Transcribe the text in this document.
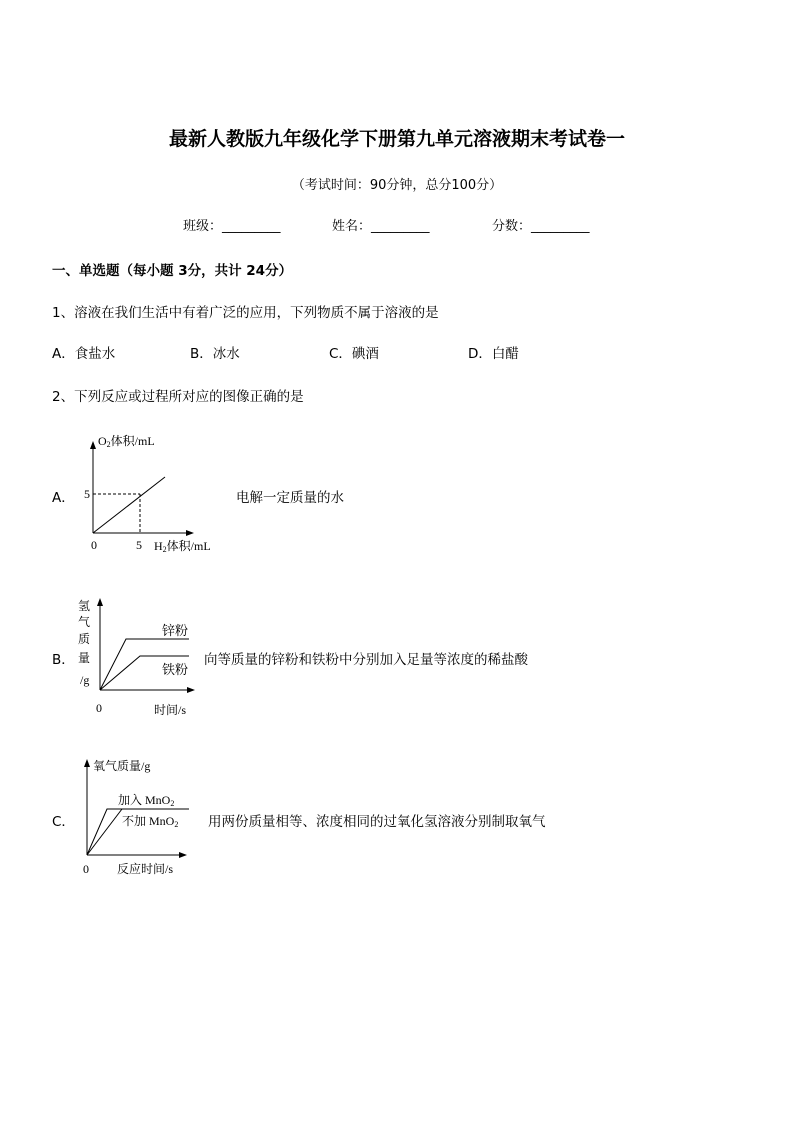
最新人教版九年级化学下册第九单元溶液期末考试卷一
（考试时间：90分钟，总分100分）
班级：_________	姓名：_________	分数：_________
一、单选题（每小题 3分，共计 24分）
1、溶液在我们生活中有着广泛的应用，下列物质不属于溶液的是
A．食盐水	B．冰水	C．碘酒	D．白醋
2、下列反应或过程所对应的图像正确的是
A．	电解一定质量的水
O2体积/mL
5
0	5 H2体积/mL
B．	向等质量的锌粉和铁粉中分别加入足量等浓度的稀盐酸
氢
气
质
量
/g
0	时间/s
锌粉
铁粉
C．	用两份质量相等、浓度相同的过氧化氢溶液分别制取氧气
氧气质量/g
加入 MnO2
不加 MnO2
0 反应时间/s
